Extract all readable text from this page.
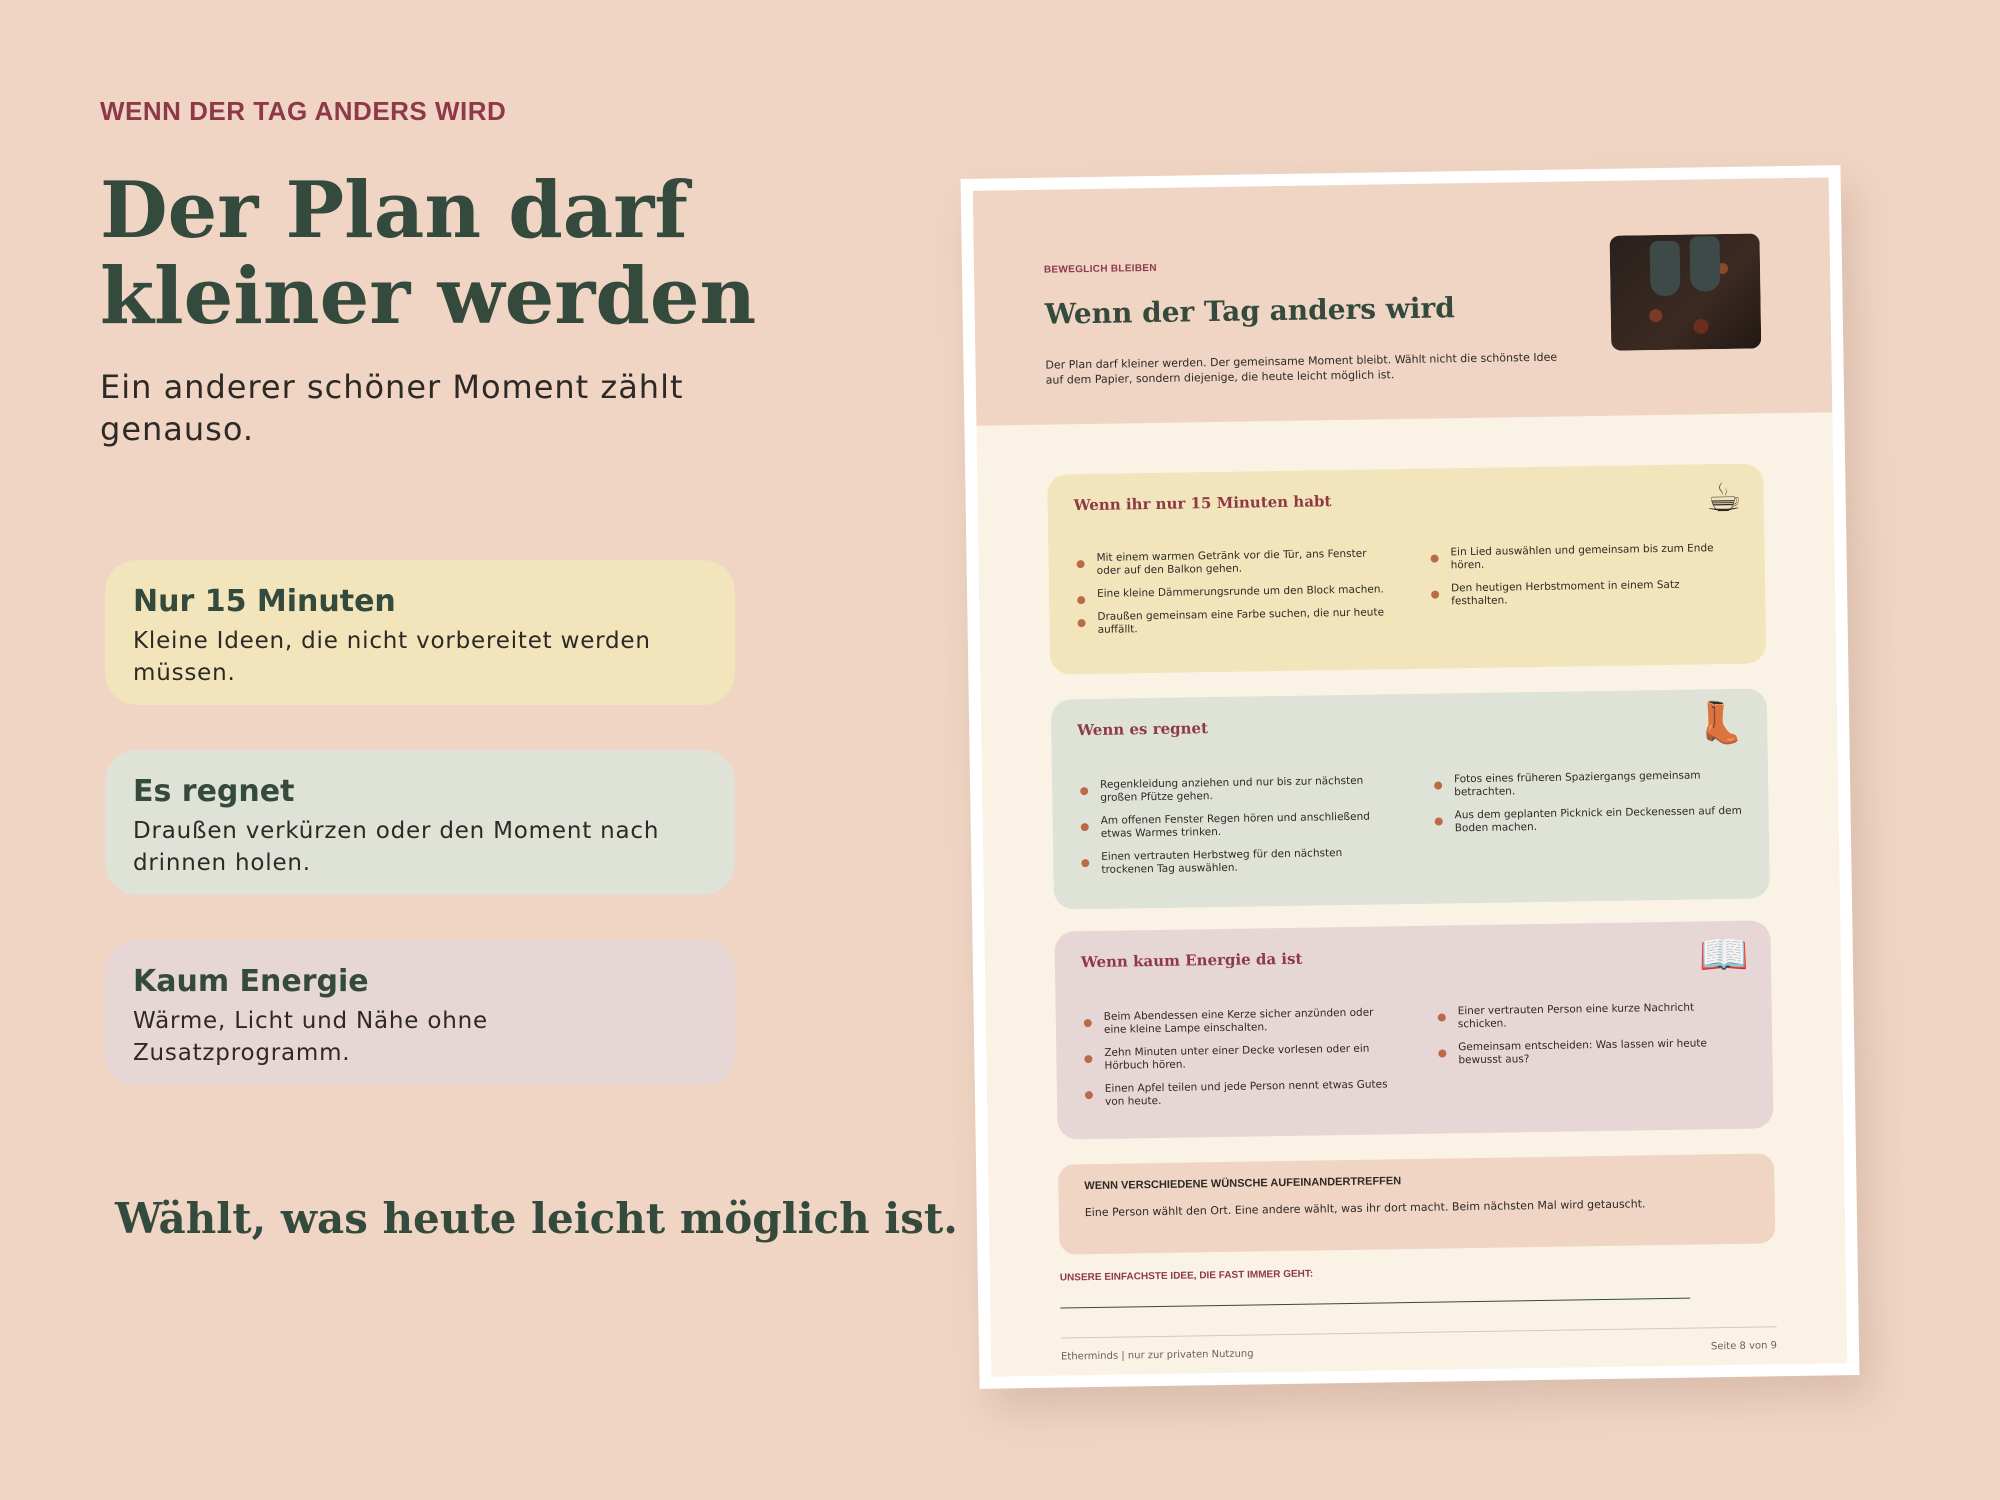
WENN DER TAG ANDERS WIRD
Der Plan darf kleiner werden

Ein anderer schöner Moment zählt genauso.

Nur 15 Minuten

Kleine Ideen, die nicht vorbereitet werden müssen.

Es regnet

Draußen verkürzen oder den Moment nach drinnen holen.

Kaum Energie

Wärme, Licht und Nähe ohne Zusatzprogramm.

Wählt, was heute leicht möglich ist.

BEWEGLICH BLEIBEN
Wenn der Tag anders wird

Der Plan darf kleiner werden. Der gemeinsame Moment bleibt. Wählt nicht die schönste Idee auf dem Papier, sondern diejenige, die heute leicht möglich ist.

Wenn ihr nur 15 Minuten habt	☕
Mit einem warmen Getränk vor die Tür, ans Fenster oder auf den Balkon gehen.
Eine kleine Dämmerungsrunde um den Block machen.
Draußen gemeinsam eine Farbe suchen, die nur heute auffällt.
Ein Lied auswählen und gemeinsam bis zum Ende hören.
Den heutigen Herbstmoment in einem Satz festhalten.
Wenn es regnet	👢
Regenkleidung anziehen und nur bis zur nächsten großen Pfütze gehen.
Am offenen Fenster Regen hören und anschließend etwas Warmes trinken.
Einen vertrauten Herbstweg für den nächsten trockenen Tag auswählen.
Fotos eines früheren Spaziergangs gemeinsam betrachten.
Aus dem geplanten Picknick ein Deckenessen auf dem Boden machen.
Wenn kaum Energie da ist	📖
Beim Abendessen eine Kerze sicher anzünden oder eine kleine Lampe einschalten.
Zehn Minuten unter einer Decke vorlesen oder ein Hörbuch hören.
Einen Apfel teilen und jede Person nennt etwas Gutes von heute.
Einer vertrauten Person eine kurze Nachricht schicken.
Gemeinsam entscheiden: Was lassen wir heute bewusst aus?
WENN VERSCHIEDENE WÜNSCHE AUFEINANDERTREFFEN

Eine Person wählt den Ort. Eine andere wählt, was ihr dort macht. Beim nächsten Mal wird getauscht.

UNSERE EINFACHSTE IDEE, DIE FAST IMMER GEHT:
Etherminds | nur zur privaten Nutzung
Seite 8 von 9
